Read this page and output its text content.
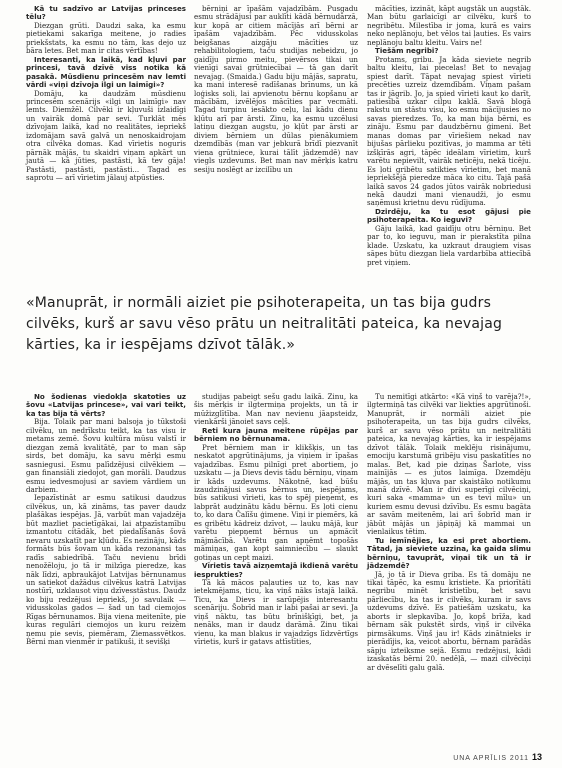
Kā tu sadzīvo ar Latvijas princeses tēlu?

Diezgan grūti. Daudzi saka, ka esmu pietiekami sakarīga meitene, jo radies priekšstats, ka esmu no tām, kas dejo uz bāra letes. Bet man ir citas vērtības!

Interesanti, ka laikā, kad kļuvi par princesi, tavā dzīvē viss notika kā pasakā. Mūsdienu princesēm nav lemti vārdi «viņi dzīvoja ilgi un laimīgi»?

Domāju, ka daudzām mūsdienu princesēm scenārijs «ilgi un laimīgi» nav lemts. Diemžēl. Cilvēki ir kļuvuši izlaidīgi un vairāk domā par sevi. Turklāt mēs dzīvojam laikā, kad no realitātes, iepriekš izdomājam savā galvā un nenoskaidrojam otra cilvēka domas. Kad vīrietis noguris pārnāk mājās, tu skaidri viņam apkārt un jautā — kā jūties, pastāsti, kā tev gāja! Pastāsti, pastāsti, pastāsti... Tagad es saprotu — arī vīrietim jālauj atpūsties.

bērniņi ar īpašām vajadzībām. Pusgadu esmu strādājusi par auklīti kādā bērnudārzā, kur kopā ar citiem mācījās arī bērni ar īpašām vajadzībām. Pēc vidusskolas beigšanas aizgāju mācīties uz rehabilitologiem, taču studijas nebeidzu, jo gaidīju pirmo meitu, pievērsos tikai un vienīgi savai grūtniecībai — tā gan darīt nevajag. (Smaida.) Gadu biju mājās, sapratu, ka mani interesē radīšanas brīnums, un kā loģisks soli, lai apvienotu bērnu kopšanu ar mācībām, izvēlējos mācīties par vecmāti. Tagad turpinu iesākto ceļu, lai kādu dienu kļūtu arī par ārsti. Zinu, ka esmu uzcēlusi latiņu diezgan augstu, jo kļūt par ārsti ar diviem bērniem un dūlas pienākumiem dzemdībās (man var jebkurā brīdī piezvanīt viena grūtniece, kurai tālīt jādzemdē) nav viegls uzdevums. Bet man nav mērķis katru sesiju noslēgt ar izcilību un

mācīties, izzināt, kāpt augstāk un augstāk. Man būtu garlaicīgi ar cilvēku, kurš to negribētu. Milestība ir joma, kurā es vairs neko neplānoju, bet vēlos tai ļauties. Es vairs neplānoju baltu kleitu. Vairs ne!

Tiešām negribi?

Protams, gribu. Ja kāda sieviete negrib baltu kleitu, lai piecelas! Bet to nevajag spiest darīt. Tāpat nevajag spiest vīrieti precēties uzreiz dzemdībām. Viņam pašam tas ir jāgrib. Jo, ja spied vīrieti kaut ko darīt, patiesībā uzkar cilpu kaklā. Savā blogā rakstu un stāstu visu, ko esmu mācījusies no savas pieredzes. To, ka man bija bērni, es zināju. Esmu par daudzbērnu ģimeni. Bet manas domas par vīriešiem nekad nav bijušas pārlieku pozitīvas, jo mamma ar tēti izšķīrās agri, tāpēc ideālam vīrietim, kurš varētu nepievilt, vairāk neticēju, nekā ticēju. Es ļoti gribētu satikties vīrietim, bet manā iepriekšējā pieredze māca ko citu. Tajā pašā laikā savos 24 gados jūtos vairāk nobriedusi nekā daudzi mani vienaudži, jo esmu saņēmusi krietnu devu rūdījuma.

Dzirdēju, ka tu esot gājusi pie psihoterapeita. Ko ieguvi?

Gāju laikā, kad gaidīju otru bērniņu. Bet par to, ko ieguvu, man ir pierakstīta pilna klade. Uzskatu, ka uzkraut draugiem visas sāpes būtu diezgan liela vardarbība attiecībā pret viņiem.

«Manuprāt, ir normāli aiziet pie psihoterapeita, un tas bija gudrs cilvēks, kurš ar savu vēso prātu un neitralitāti pateica, ka nevajag kārties, ka ir iespējams dzīvot tālāk.»

No šodienas viedokļa skatoties uz šovu «Latvijas princese», vai vari teikt, ka tas bija tā vērts?

Bija. Tolaik par mani balsoja jo tūkstoši cilvēku, un nedrīkstu teikt, ka tas visu ir metams zemē. Šovu kultūra mūsu valstī ir diezgan zemā kvalitātē, par to man sāp sirds, bet domāju, ka savu mērķi esmu sasniegusi. Esmu palīdzējusi cilvēkiem — gan finansiāli ziedojot, gan morāli. Daudzus esmu iedvesmojusi ar saviem vārdiem un darbiem.

Iepazīstināt ar esmu satikusi daudzus cilvēkus, un, kā zināms, tas paver daudz plašākas iespējas. Jā, varbūt man vajadzēja būt mazliet pacietīgākai, lai atpazīstamību izmantotu citādāk, bet piedalīšanās šovā nevaru uzskatīt par kļūdu. Es nezināju, kāds formāts būs šovam un kāda rezonansi tas radīs sabiedrībā. Taču nevienu brīdi nenožēloju, jo tā ir milzīga pieredze, kas nāk līdzi, apbraukājot Latvijas bērnunamus un satiekot dažādus cilvēkus katrā Latvijas nostūrī, uzklausot viņu dzīvesstāstus. Daudz ko biju redzējusi iepriekš, jo savulaik — vidusskolas gados — šad un tad ciemojos Rīgas bērnunamos. Bija viena meitenīte, pie kuras regulāri ciemojos un kuru reizēm ņemu pie sevis, piemēram, Ziemassvētkos. Bērni man vienmēr ir patikuši, it sevišķi

studijas pabeigt sešu gadu laikā. Zinu, ka šis mērķis ir ilgtermiņa projekts, un tā ir mūžizglītība. Man nav nevienu jāapsteidz, vienkārši jānoiet savs ceļš.

Reti kura jauna meitene rūpējas par bērniem no bērnunama.

Pret bērniem man ir klikšķis, un tas neskatot apgrūtinājums, ja viņiem ir īpašas vajadzības. Esmu pilnīgi pret abortiem, jo uzskatu — ja Dievs devis tādu bērniņu, viņam ir kāds uzdevums. Nākotnē, kad būšu izaudzinājusi savus bērnus un, iespējams, būs satikusi vīrieti, kas to spēj pieņemt, es labprāt audzinātu kādu bērnu. Es ļoti cienu to, ko dara Čalīšu ģimene. Viņi ir piemērs, kā es gribētu kādreiz dzīvot, — lauku mājā, kur varētu piepņemt bērnus un apmācīt mājmācībā. Varētu gan apņēmt topošās māmiņas, gan kopt saimniecību — slaukt gotiņas un cept maizi.

Vīrietis tavā aizņemtajā ikdienā varētu iesprukties?

Tā kā mācos paļauties uz to, kas nav ietekmējams, ticu, ka viņš nāks īstajā laikā. Ticu, ka Dievs ir sarūpējis interesantu scenāriju. Šobrīd man ir labi pašai ar sevi. Ja viņš nāktu, tas būtu brīnišķīgi, bet, ja nenāks, man ir daudz darāmā. Zinu tikai vienu, ka man blakus ir vajadzīgs līdzvērtīgs vīrietis, kurš ir gatavs attīstīties,

Tu nemitīgi atkārto: «Kā viņš to varēja?!», ilgtermiņā tas cilvēki var liekties apgrūtinoši. Manuprāt, ir normāli aiziet pie psihoterapeita, un tas bija gudrs cilvēks, kurš ar savu vēso prātu un neitralitāti pateica, ka nevajag kārties, ka ir iespējams dzīvot tālāk. Tolaik meklēju risinājumu, emociju karstumā gribēju visu paskatīties no malas. Bet, kad pie dziņas Šarlote, viss mainījās — es jutos laimīga. Dzemdēju mājās, un tas kļuva par skaistāko notikumu manā dzīvē. Man ir divi superīgi cilvēciņi, kuri saka «mamma» un es tevi mīlu» un kuriem esmu devusi dzīvību. Es esmu bagāta ar savām meitenēm, lai arī šobrīd man ir jābūt mājās un jāpiņāj kā mammai un vienlaikus tētim.

Tu iemīnējies, ka esi pret abortiem. Tātad, ja sieviete uzzina, ka gaida slimu bērniņu, tavuprāt, viņai tik un tā ir jādzemdē?

Jā, jo tā ir Dieva griba. Es tā domāju ne tikai tāpēc, ka esmu kristiete. Ka priorītāti negribu minēt kristietību, bet savu pārliecību, ka tas ir cilvēks, kuram ir savs uzdevums dzīvē. Es patiešām uzskatu, ka aborts ir slepkavība. Jo, kopš brīža, kad bērnam sāk pukstēt sirds, viņš ir cilvēka pirmsākums. Viņš jau ir! Kāds zinātnieks ir pierādījis, ka, veicot abortu, bērnam parādās sāpju izteiksme sejā. Esmu redzējusi, kādi izaskatās bērni 20. nedēļā, — mazi cilvēciņi ar dvēselīti galu galā.

UNA APRĪLIS 2011 13
